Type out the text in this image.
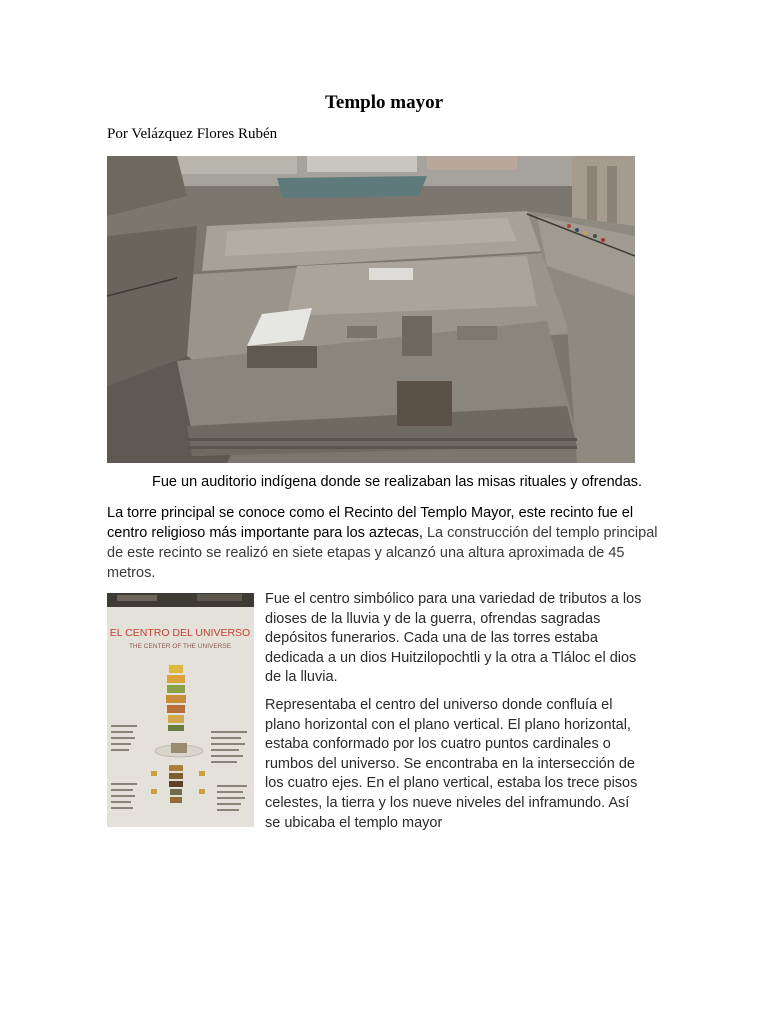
Templo mayor
Por Velázquez Flores Rubén
Fue un auditorio indígena donde se realizaban las misas rituales y ofrendas.
La torre principal se conoce como el Recinto del Templo Mayor, este recinto fue el centro religioso más importante para los aztecas, La construcción del templo principal de este recinto se realizó en siete etapas y alcanzó una altura aproximada de 45 metros.
EL CENTRO DEL UNIVERSO
THE CENTER OF THE UNIVERSE
Fue el centro simbólico para una variedad de tributos a los
dioses de la lluvia y de la guerra, ofrendas sagradas
depósitos funerarios. Cada una de las torres estaba
dedicada a un dios Huitzilopochtli y la otra a Tláloc el dios
de la lluvia.
Representaba el centro del universo donde confluía el
plano horizontal con el plano vertical. El plano horizontal,
estaba conformado por los cuatro puntos cardinales o
rumbos del universo. Se encontraba en la intersección de
los cuatro ejes. En el plano vertical, estaba los trece pisos
celestes, la tierra y los nueve niveles del inframundo. Así
se ubicaba el templo mayor
